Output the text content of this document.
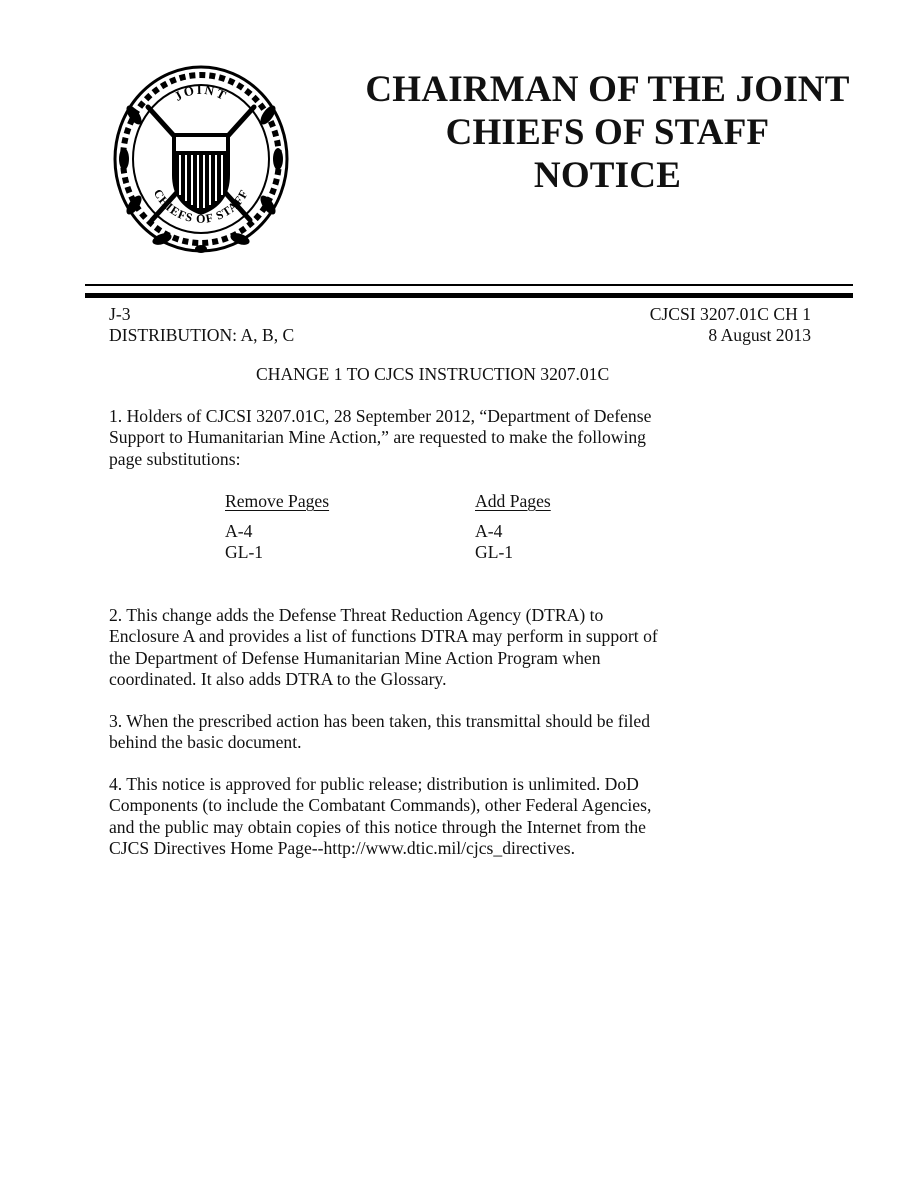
JOINT
CHIEFS OF STAFF
CHAIRMAN OF THE JOINT
CHIEFS OF STAFF
NOTICE
J-3
DISTRIBUTION: A, B, C
CJCSI 3207.01C CH 1
8 August 2013
CHANGE 1 TO CJCS INSTRUCTION 3207.01C
1. Holders of CJCSI 3207.01C, 28 September 2012, “Department of Defense
Support to Humanitarian Mine Action,” are requested to make the following
page substitutions:
Remove Pages	Add Pages
A-4
GL-1
A-4
GL-1
2. This change adds the Defense Threat Reduction Agency (DTRA) to
Enclosure A and provides a list of functions DTRA may perform in support of
the Department of Defense Humanitarian Mine Action Program when
coordinated. It also adds DTRA to the Glossary.
3. When the prescribed action has been taken, this transmittal should be filed
behind the basic document.
4. This notice is approved for public release; distribution is unlimited. DoD
Components (to include the Combatant Commands), other Federal Agencies,
and the public may obtain copies of this notice through the Internet from the
CJCS Directives Home Page--http://www.dtic.mil/cjcs_directives.
